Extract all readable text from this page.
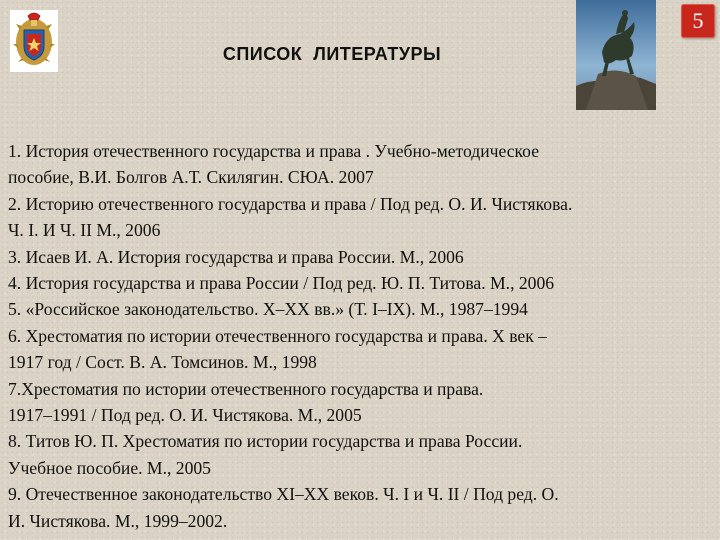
СПИСОК  ЛИТЕРАТУРЫ
5
1. История отечественного государства и права . Учебно-методическое
пособие, В.И. Болгов А.Т. Скилягин. СЮА. 2007
2. Историю отечественного государства и права / Под ред. О. И. Чистякова.
Ч. I. И Ч. II М., 2006
3. Исаев И. А. История государства и права России. М., 2006
4. История государства и права России / Под ред. Ю. П. Титова. М., 2006
5. «Российское законодательство. X–XX вв.» (Т. I–IX). М., 1987–1994
6. Хрестоматия по истории отечественного государства и права. X век –
1917 год / Сост. В. А. Томсинов. М., 1998
7.Хрестоматия по истории отечественного государства и права.
1917–1991 / Под ред. О. И. Чистякова. М., 2005
8. Титов Ю. П. Хрестоматия по истории государства и права России.
Учебное пособие. М., 2005
9. Отечественное законодательство XI–XX веков. Ч. I и Ч. II / Под ред. О.
И. Чистякова. М., 1999–2002.
